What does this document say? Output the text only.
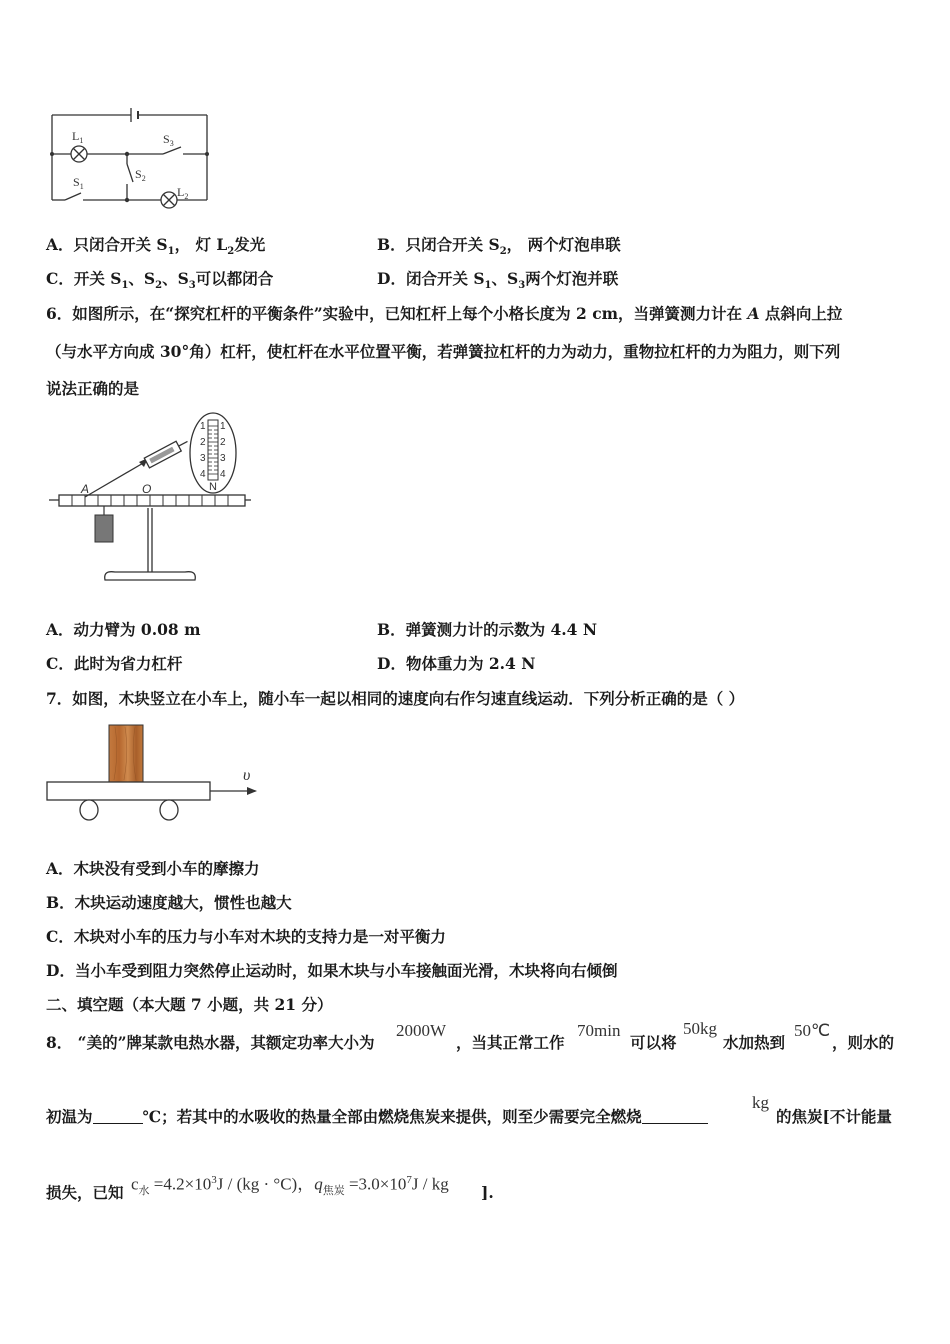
$L_1$	$S_3$
$S_1$
$S_2$
$L_2$
A．只闭合开关 $S_1$， 灯 $L_2$发光	B．只闭合开关 $S_2$， 两个灯泡串联
C．开关 $S_1$、$S_2$、$S_3$可以都闭合	D．闭合开关 $S_1$、$S_3$两个灯泡并联
6．如图所示，在“探究杠杆的平衡条件”实验中，已知杠杆上每个小格长度为 2 cm，当弹簧测力计在 A 点斜向上拉
（与水平方向成 30°角）杠杆，使杠杆在水平位置平衡，若弹簧拉杠杆的力为动力，重物拉杠杆的力为阻力，则下列
说法正确的是
1
2
3
4
1
2
3
4
N
A	O
A．动力臂为 0.08 m	B．弹簧测力计的示数为 4.4 N
C．此时为省力杠杆	D．物体重力为 2.4 N
7．如图，木块竖立在小车上，随小车一起以相同的速度向右作匀速直线运动．下列分析正确的是（ ）
υ
A．木块没有受到小车的摩擦力
B．木块运动速度越大，惯性也越大
C．木块对小车的压力与小车对木块的支持力是一对平衡力
D．当小车受到阻力突然停止运动时，如果木块与小车接触面光滑，木块将向右倾倒
二、填空题（本大题 7 小题，共 21 分）
8． “美的”牌某款电热水器，其额定功率大小为
2000W
，当其正常工作
70min
可以将
50kg
水加热到
50℃
，则水的
初温为	℃；若其中的水吸收的热量全部由燃烧焦炭来提供，则至少需要完全燃烧
kg
的焦炭[不计能量
损失，已知 $c_水 =4.2\times 10^3J / (kg \cdot ^\circ C)$，$q_{焦炭} =3.0\times 10^7J$ / kg ].
